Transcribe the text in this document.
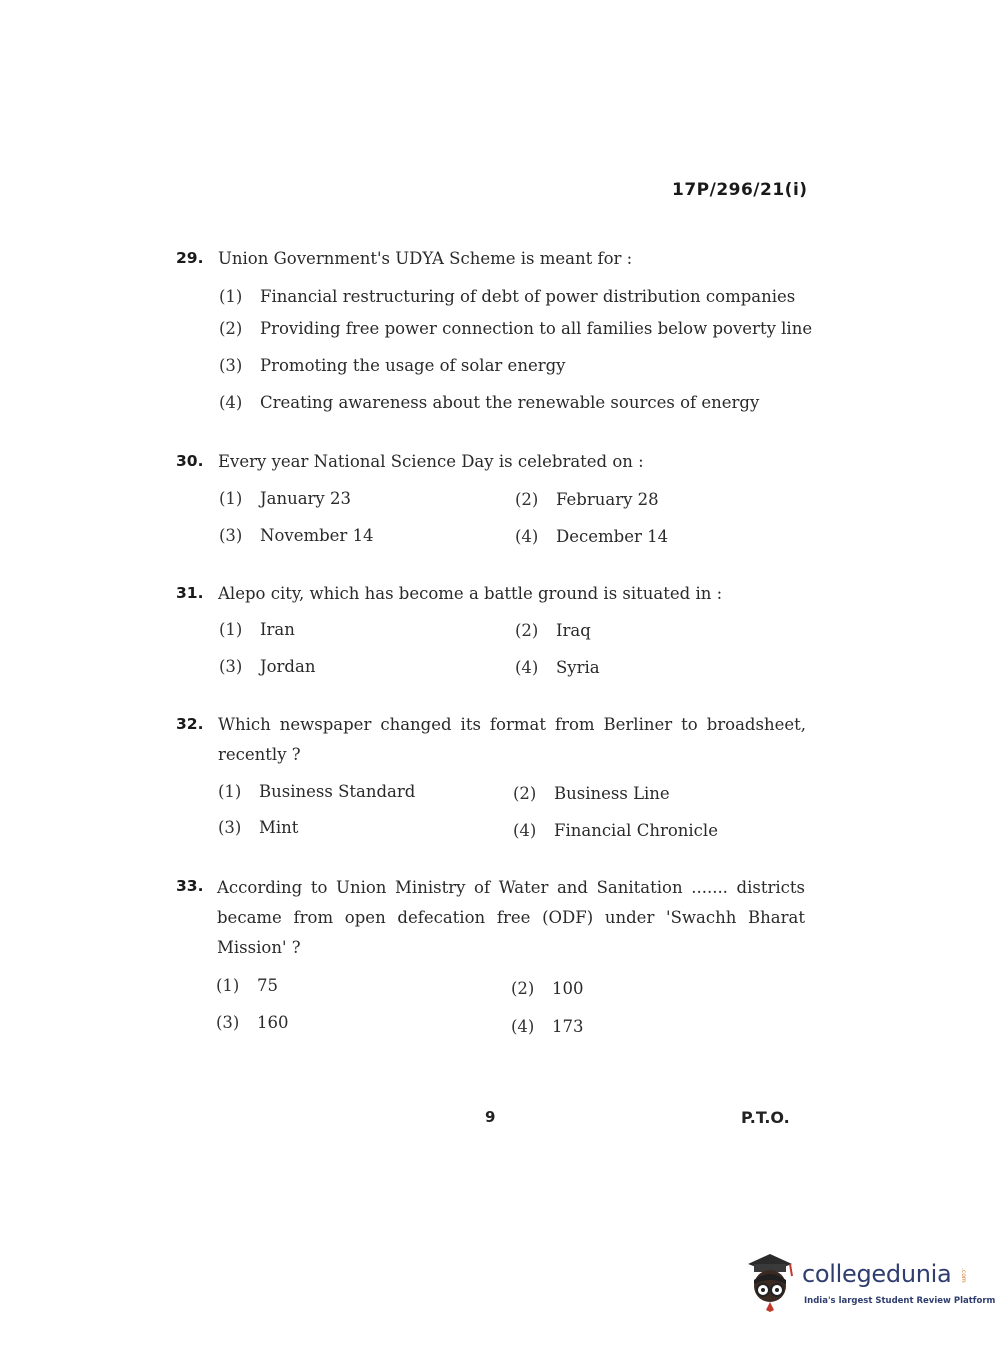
17P/296/21(i)
29. Union Government's UDYA Scheme is meant for :
(1) Financial restructuring of debt of power distribution companies
(2) Providing free power connection to all families below poverty line
(3) Promoting the usage of solar energy
(4) Creating awareness about the renewable sources of energy
30. Every year National Science Day is celebrated on :
(1) January 23	(2) February 28
(3) November 14	(4) December 14
31. Alepo city, which has become a battle ground is situated in :
(1) Iran	(2) Iraq
(3) Jordan	(4) Syria
32. Which newspaper changed its format from Berliner to broadsheet, recently ?
(1) Business Standard	(2) Business Line
(3) Mint	(4) Financial Chronicle
33. According to Union Ministry of Water and Sanitation ....... districts became from open defecation free (ODF) under 'Swachh Bharat Mission' ?
(1) 75	(2) 100
(3) 160	(4) 173
9	P.T.O.
collegedunia .com
India's largest Student Review Platform
